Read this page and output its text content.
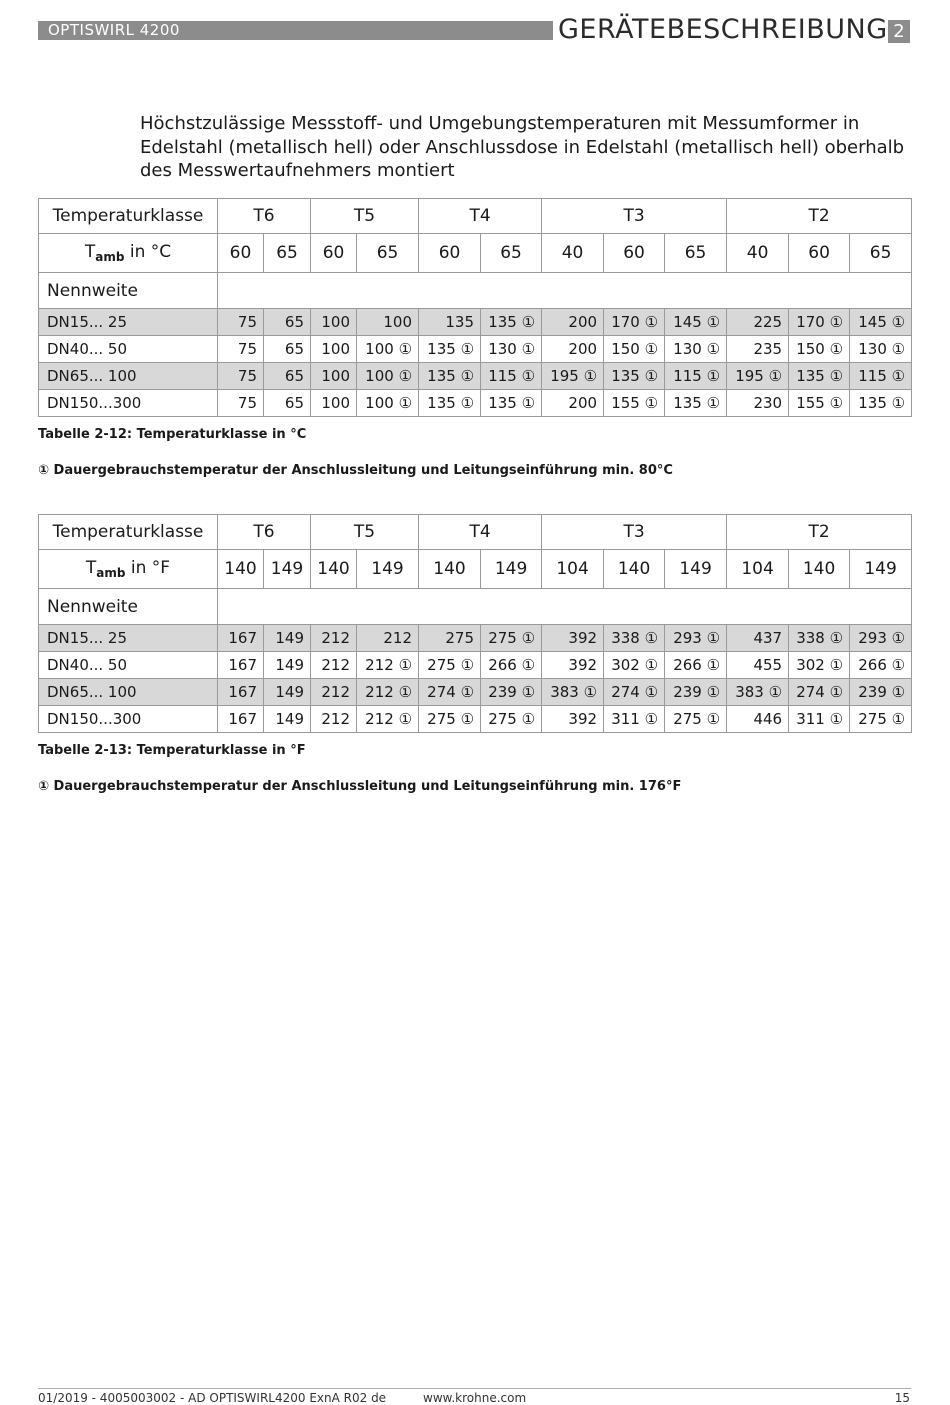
OPTISWIRL 4200	GERÄTEBESCHREIBUNG 2
Höchstzulässige Messstoff- und Umgebungstemperaturen mit Messumformer in Edelstahl (metallisch hell) oder Anschlussdose in Edelstahl (metallisch hell) oberhalb des Messwertaufnehmers montiert
Temperaturklasse	T6		T5		T4		T3			T2		
$T_{amb}$ in °C	60	65	60	65	60	65	40	60	65	40	60	65
Nennweite												
DN15... 25	75	65	100	100	135	135 ①	200	170 ①	145 ①	225	170 ①	145 ①
DN40... 50	75	65	100	100 ①	135 ①	130 ①	200	150 ①	130 ①	235	150 ①	130 ①
DN65... 100	75	65	100	100 ①	135 ①	115 ①	195 ①	135 ①	115 ①	195 ①	135 ①	115 ①
DN150...300	75	65	100	100 ①	135 ①	135 ①	200	155 ①	135 ①	230	155 ①	135 ①
Tabelle 2-12: Temperaturklasse in °C
① Dauergebrauchstemperatur der Anschlussleitung und Leitungseinführung min. 80°C
Temperaturklasse	T6		T5		T4		T3			T2		
$T_{amb}$ in °F	140	149	140	149	140	149	104	140	149	104	140	149
Nennweite												
DN15... 25	167	149	212	212	275	275 ①	392	338 ①	293 ①	437	338 ①	293 ①
DN40... 50	167	149	212	212 ①	275 ①	266 ①	392	302 ①	266 ①	455	302 ①	266 ①
DN65... 100	167	149	212	212 ①	274 ①	239 ①	383 ①	274 ①	239 ①	383 ①	274 ①	239 ①
DN150...300	167	149	212	212 ①	275 ①	275 ①	392	311 ①	275 ①	446	311 ①	275 ①
Tabelle 2-13: Temperaturklasse in °F
① Dauergebrauchstemperatur der Anschlussleitung und Leitungseinführung min. 176°F
01/2019 - 4005003002 - AD OPTISWIRL4200 ExnA R02 de	www.krohne.com	15
